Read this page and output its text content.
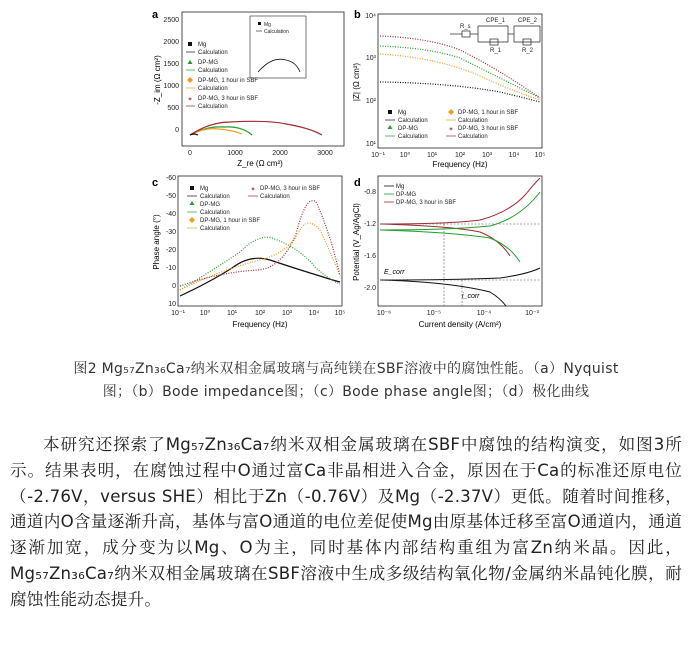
a
0
500
1000
1500
2000
2500
0	1000	2000	3000
Z_re (Ω cm²)
-Z_im (Ω cm²)
Mg
Calculation
Mg
Calculation
DP-MG
Calculation
DP-MG, 1 hour in SBF
Calculation
DP-MG, 3 hour in SBF
Calculation
✶
b
10¹
10²
10³
10⁴
10⁻¹ 10⁰ 10¹	10² 10³ 10⁴ 10⁵
Frequency (Hz)
|Z| (Ω cm²)
R_s
CPE_1
R_1
CPE_2
R_2
Mg
Calculation
DP-MG
Calculation
DP-MG, 1 hour in SBF
Calculation
DP-MG, 3 hour in SBF
Calculation
✶
c -60
-50
-40
-30
-20
-10
0
10
10⁻¹ 10⁰ 10¹	10² 10³ 10⁴ 10⁵
Frequency (Hz)
Phase angle (°)
Mg
Calculation
DP-MG
Calculation
DP-MG, 1 hour in SBF
Calculation
DP-MG, 3 hour in SBF
Calculation
✶
d
-0.8
-1.2
-1.6
-2.0
10⁻⁶	10⁻⁵	10⁻⁴	10⁻³
Current density (A/cm²)
Potential (V_Ag/AgCl)	E_corr
i_corr
Mg
DP-MG
DP-MG, 3 hour in SBF
图2 Mg₅₇Zn₃₆Ca₇纳米双相金属玻璃与高纯镁在SBF溶液中的腐蚀性能。（a）Nyquist
图；（b）Bode impedance图；（c）Bode phase angle图；（d）极化曲线

本研究还探索了Mg₅₇Zn₃₆Ca₇纳米双相金属玻璃在SBF中腐蚀的结构演变，如图3所示。结果表明，在腐蚀过程中O通过富Ca非晶相进入合金，原因在于Ca的标准还原电位（-2.76V，versus SHE）相比于Zn（-0.76V）及Mg（-2.37V）更低。随着时间推移，通道内O含量逐渐升高，基体与富O通道的电位差促使Mg由原基体迁移至富O通道内，通道逐渐加宽，成分变为以Mg、O为主，同时基体内部结构重组为富Zn纳米晶。因此，Mg₅₇Zn₃₆Ca₇纳米双相金属玻璃在SBF溶液中生成多级结构氧化物/金属纳米晶钝化膜，耐腐蚀性能动态提升。
